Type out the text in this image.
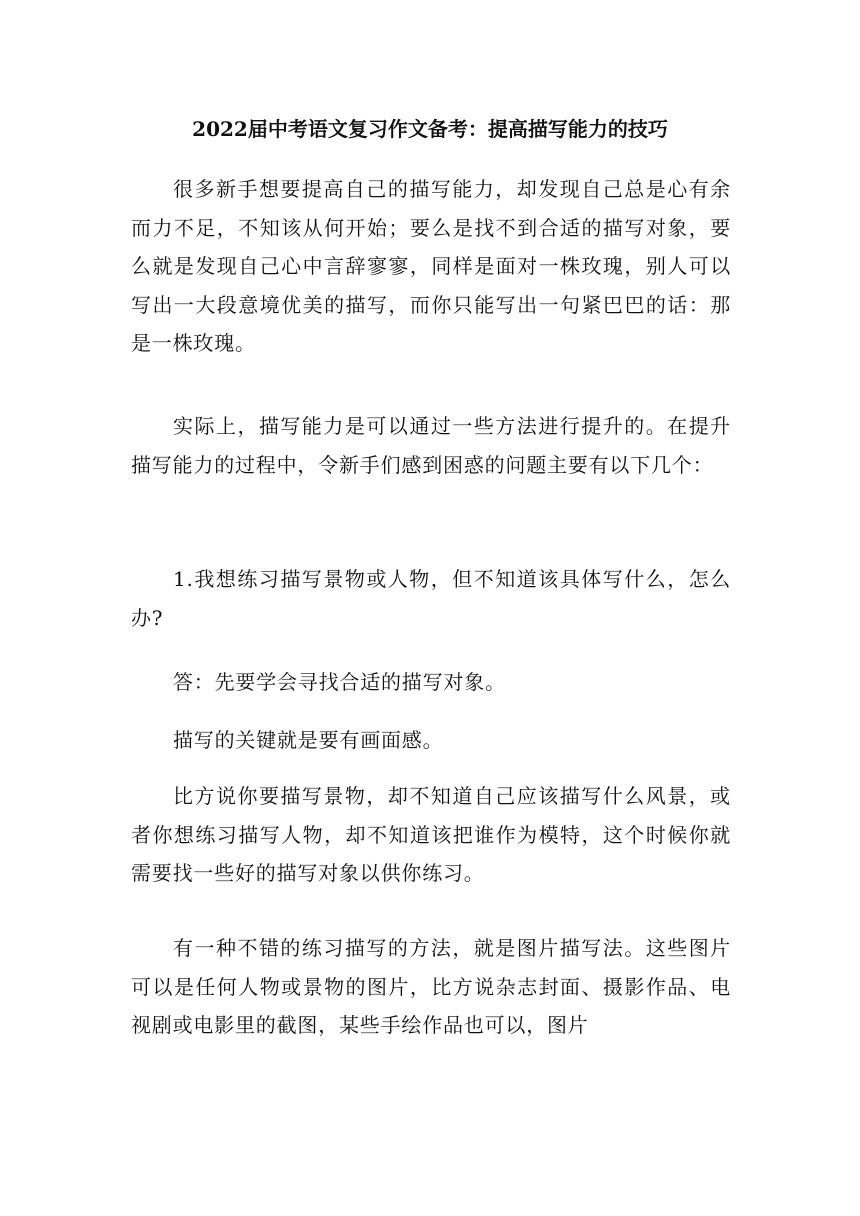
2022届中考语文复习作文备考：提高描写能力的技巧

很多新手想要提高自己的描写能力，却发现自己总是心有余而力不足，不知该从何开始；要么是找不到合适的描写对象，要么就是发现自己心中言辞寥寥，同样是面对一株玫瑰，别人可以写出一大段意境优美的描写，而你只能写出一句紧巴巴的话：那是一株玫瑰。

实际上，描写能力是可以通过一些方法进行提升的。在提升描写能力的过程中，令新手们感到困惑的问题主要有以下几个：

1.我想练习描写景物或人物，但不知道该具体写什么，怎么办?

答：先要学会寻找合适的描写对象。

描写的关键就是要有画面感。

比方说你要描写景物，却不知道自己应该描写什么风景，或者你想练习描写人物，却不知道该把谁作为模特，这个时候你就需要找一些好的描写对象以供你练习。

有一种不错的练习描写的方法，就是图片描写法。这些图片可以是任何人物或景物的图片，比方说杂志封面、摄影作品、电视剧或电影里的截图，某些手绘作品也可以，图片
